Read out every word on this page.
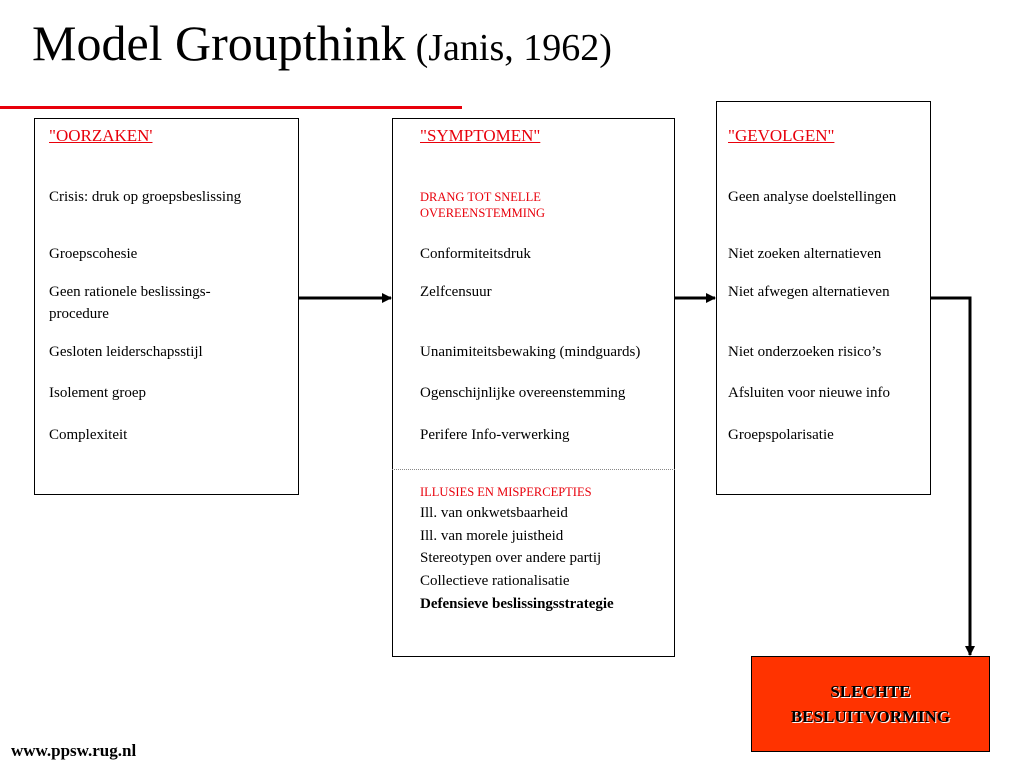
Model Groupthink (Janis, 1962)
"OORZAKEN'
Crisis: druk op groepsbeslissing
Groepscohesie
Geen rationele beslissings-
procedure
Gesloten leiderschapsstijl
Isolement groep
Complexiteit
"SYMPTOMEN"
DRANG TOT SNELLE
OVEREENSTEMMING
Conformiteitsdruk
Zelfcensuur
Unanimiteitsbewaking (mindguards)
Ogenschijnlijke overeenstemming
Perifere Info-verwerking
ILLUSIES EN MISPERCEPTIES
Ill. van onkwetsbaarheid
Ill. van morele juistheid
Stereotypen over andere partij
Collectieve rationalisatie
Defensieve beslissingsstrategie
"GEVOLGEN"
Geen analyse doelstellingen
Niet zoeken alternatieven
Niet afwegen alternatieven
Niet onderzoeken risico’s
Afsluiten voor nieuwe info
Groepspolarisatie
SLECHTE
BESLUITVORMING
www.ppsw.rug.nl
